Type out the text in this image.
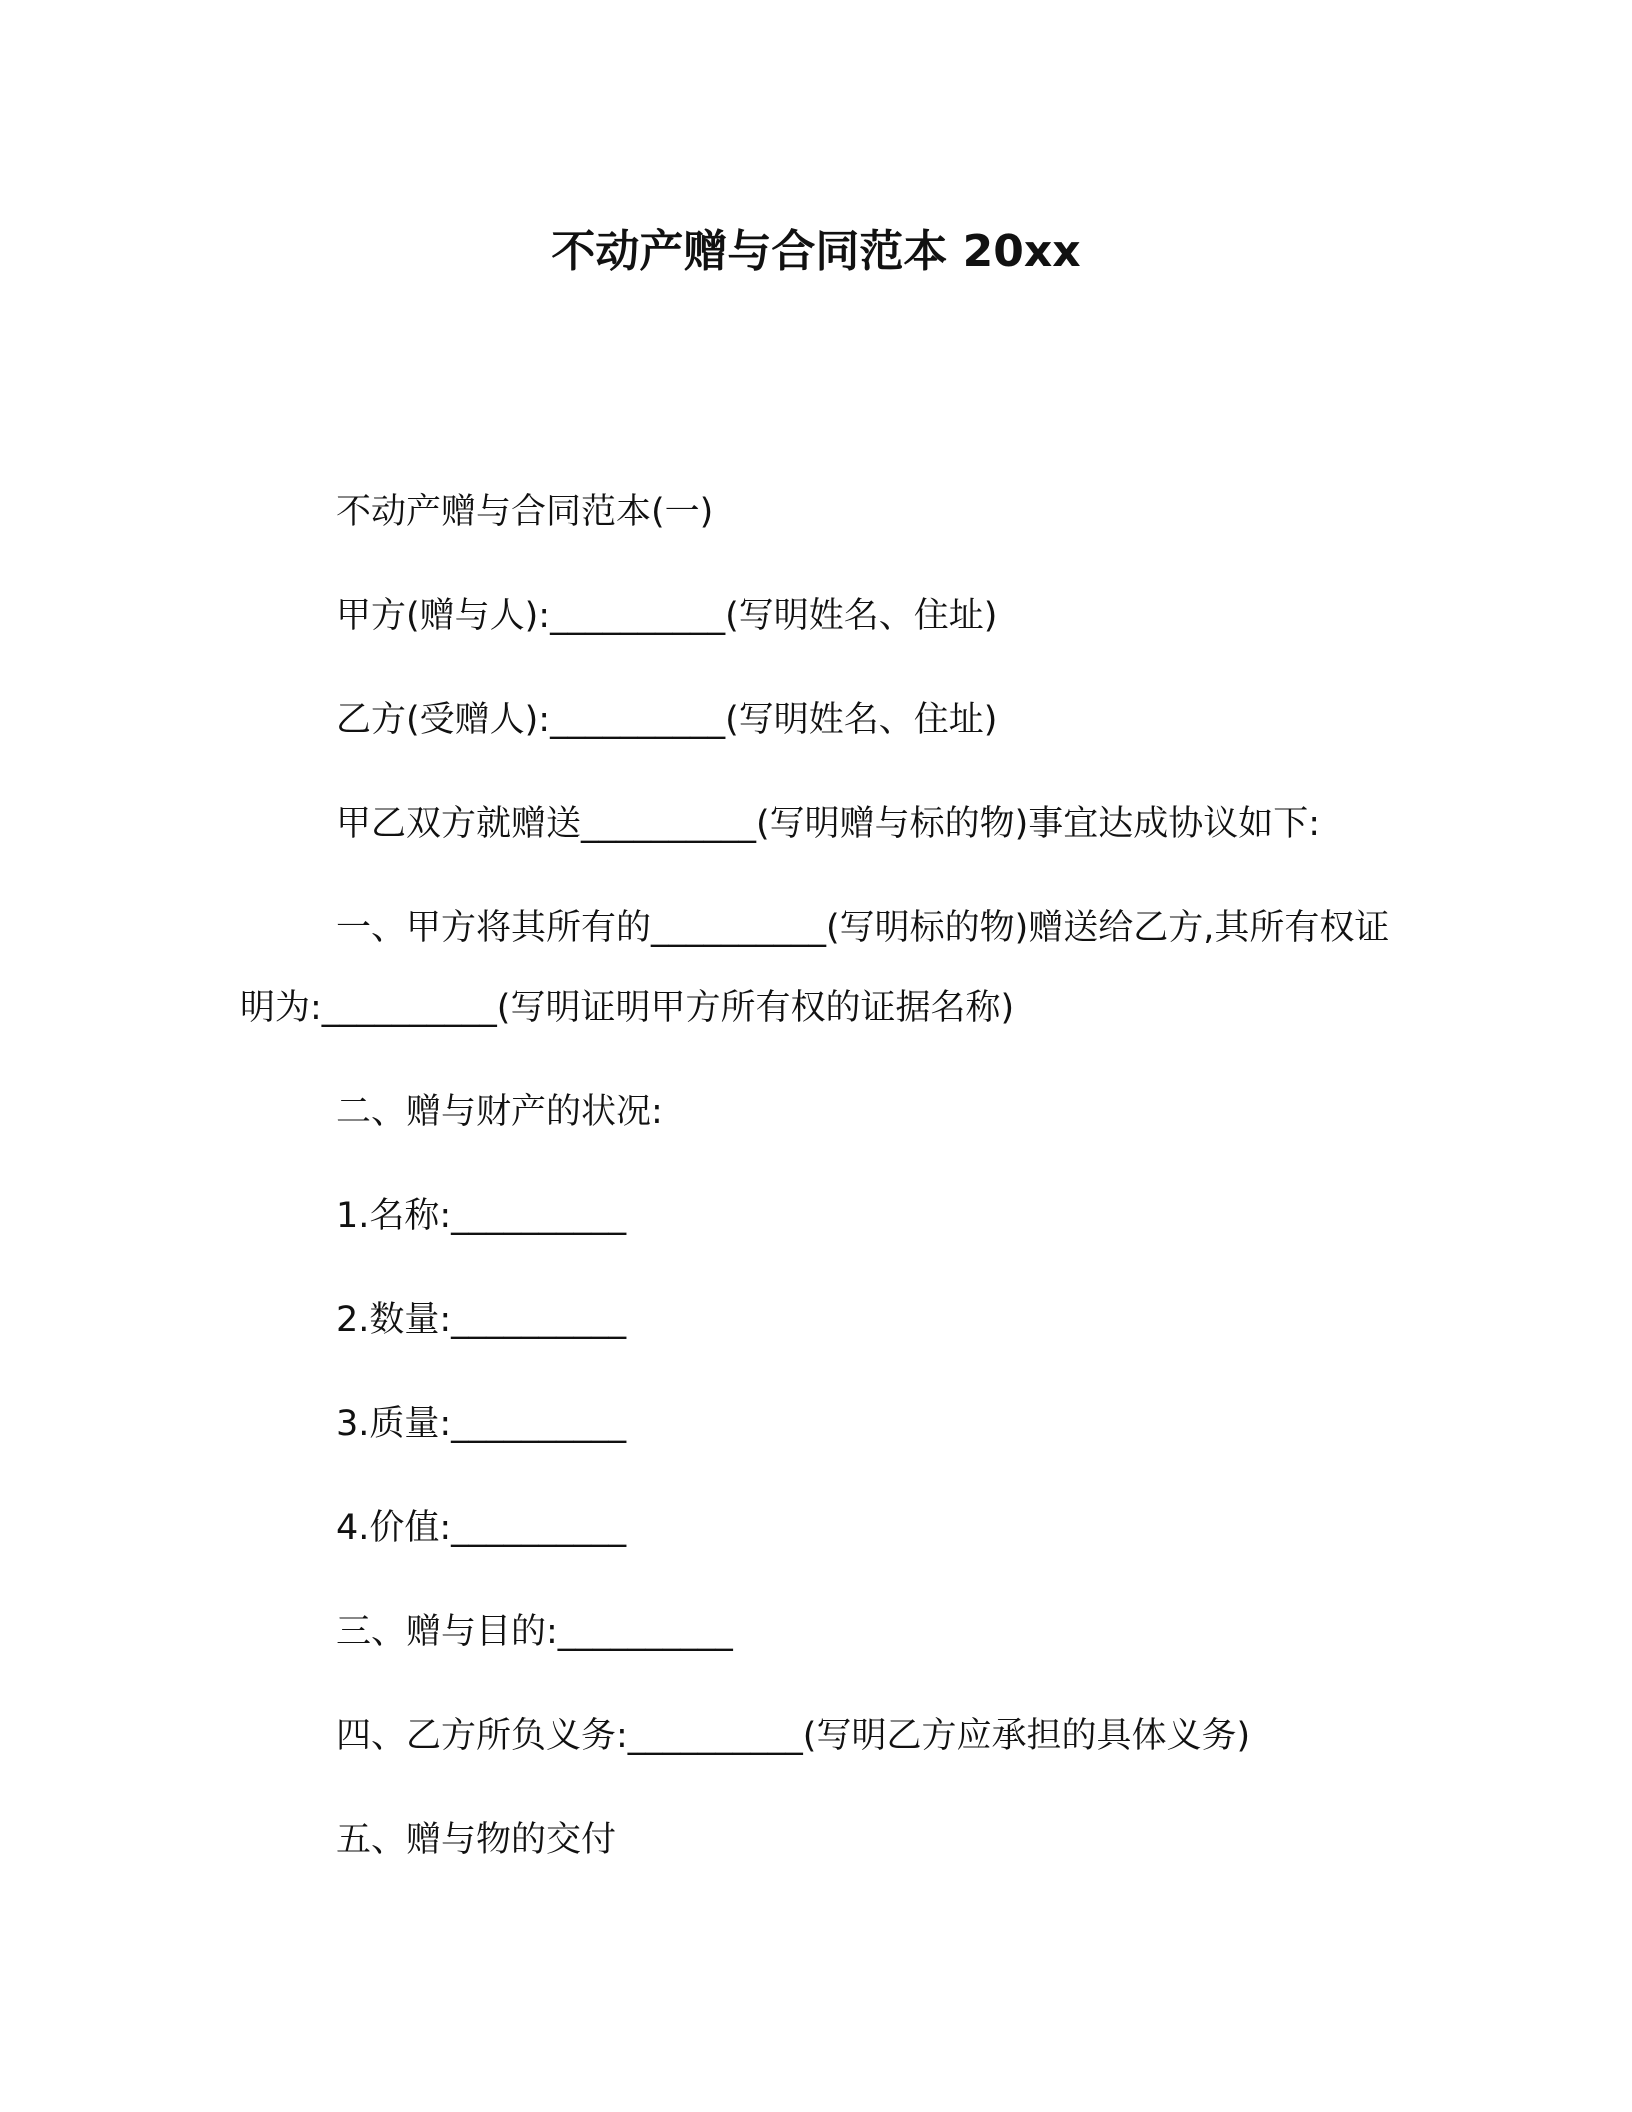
不动产赠与合同范本 20xx

不动产赠与合同范本(一)

甲方(赠与人):__________(写明姓名、住址)

乙方(受赠人):__________(写明姓名、住址)

甲乙双方就赠送__________(写明赠与标的物)事宜达成协议如下:

一、甲方将其所有的__________(写明标的物)赠送给乙方,其所有权证明为:__________(写明证明甲方所有权的证据名称)

二、赠与财产的状况:

1.名称:__________

2.数量:__________

3.质量:__________

4.价值:__________

三、赠与目的:__________

四、乙方所负义务:__________(写明乙方应承担的具体义务)

五、赠与物的交付
